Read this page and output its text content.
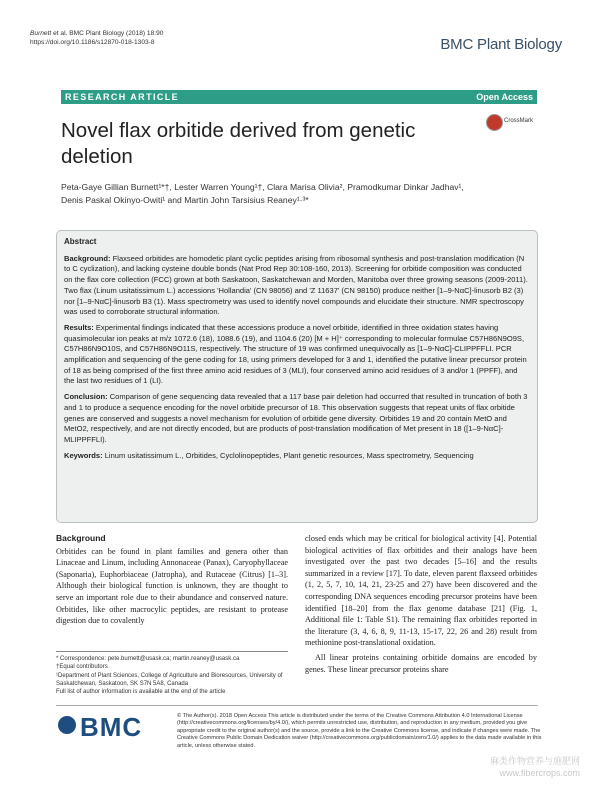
Burnett et al. BMC Plant Biology (2018) 18:90
https://doi.org/10.1186/s12870-018-1303-8	BMC Plant Biology
RESEARCH ARTICLE	Open Access
Novel flax orbitide derived from genetic deletion
CrossMark
Peta-Gaye Gillian Burnett¹*†, Lester Warren Young¹†, Clara Marisa Olivia², Pramodkumar Dinkar Jadhav¹,
Denis Paskal Okinyo-Owiti¹ and Martin John Tarsisius Reaney¹·³*

Abstract

Background: Flaxseed orbitides are homodetic plant cyclic peptides arising from ribosomal synthesis and post-translation modification (N to C cyclization), and lacking cysteine double bonds (Nat Prod Rep 30:108-160, 2013). Screening for orbitide composition was conducted on the flax core collection (FCC) grown at both Saskatoon, Saskatchewan and Morden, Manitoba over three growing seasons (2009-2011). Two flax (Linum usitatissimum L.) accessions 'Hollandia' (CN 98056) and 'Z 11637' (CN 98150) produce neither [1–9-NαC]-linusorb B2 (3) nor [1–9-NαC]-linusorb B3 (1). Mass spectrometry was used to identify novel compounds and elucidate their structure. NMR spectroscopy was used to corroborate structural information.

Results: Experimental findings indicated that these accessions produce a novel orbitide, identified in three oxidation states having quasimolecular ion peaks at m/z 1072.6 (18), 1088.6 (19), and 1104.6 (20) [M + H]⁺ corresponding to molecular formulae C57H86N9O9S, C57H86N9O10S, and C57H86N9O11S, respectively. The structure of 19 was confirmed unequivocally as [1–9-NαC]-CLIPPFFLI. PCR amplification and sequencing of the gene coding for 18, using primers developed for 3 and 1, identified the putative linear precursor protein of 18 as being comprised of the first three amino acid residues of 3 (MLI), four conserved amino acid residues of 3 and/or 1 (PPFF), and the last two residues of 1 (LI).

Conclusion: Comparison of gene sequencing data revealed that a 117 base pair deletion had occurred that resulted in truncation of both 3 and 1 to produce a sequence encoding for the novel orbitide precursor of 18. This observation suggests that repeat units of flax orbitide genes are conserved and suggests a novel mechanism for evolution of orbitide gene diversity. Orbitides 19 and 20 contain MetO and MetO2, respectively, and are not directly encoded, but are products of post-translation modification of Met present in 18 ([1–9-NαC]-MLIPPFFLI).

Keywords: Linum usitatissimum L., Orbitides, Cyclolinopeptides, Plant genetic resources, Mass spectrometry, Sequencing

Background

Orbitides can be found in plant families and genera other than Linaceae and Linum, including Annonaceae (Panax), Caryophyllaceae (Saponaria), Euphorbiaceae (Jatropha), and Rutaceae (Citrus) [1–3]. Although their biological function is unknown, they are thought to serve an important role due to their abundance and conserved nature. Orbitides, like other macrocylic peptides, are resistant to protease digestion due to covalently

closed ends which may be critical for biological activity [4]. Potential biological activities of flax orbitides and their analogs have been investigated over the past two decades [5–16] and the results summarized in a review [17]. To date, eleven parent flaxseed orbitides (1, 2, 5, 7, 10, 14, 21, 23-25 and 27) have been discovered and the corresponding DNA sequences encoding precursor proteins have been identified [18–20] from the flax genome database [21] (Fig. 1, Additional file 1: Table S1). The remaining flax orbitides reported in the literature (3, 4, 6, 8, 9, 11-13, 15-17, 22, 26 and 28) result from methionine post-translational oxidation.

All linear proteins containing orbitide domains are encoded by genes. These linear precursor proteins share

* Correspondence: pete.burnett@usask.ca; martin.reaney@usask.ca

†Equal contributors

¹Department of Plant Sciences, College of Agriculture and Bioresources, University of Saskatchewan, Saskatoon, SK S7N 5A8, Canada

Full list of author information is available at the end of the article

BMC	© The Author(s). 2018 Open Access This article is distributed under the terms of the Creative Commons Attribution 4.0 International License (http://creativecommons.org/licenses/by/4.0/), which permits unrestricted use, distribution, and reproduction in any medium, provided you give appropriate credit to the original author(s) and the source, provide a link to the Creative Commons license, and indicate if changes were made. The Creative Commons Public Domain Dedication waiver (http://creativecommons.org/publicdomain/zero/1.0/) applies to the data made available in this article, unless otherwise stated.

麻类作物营养与施肥网
www.fibercrops.com
